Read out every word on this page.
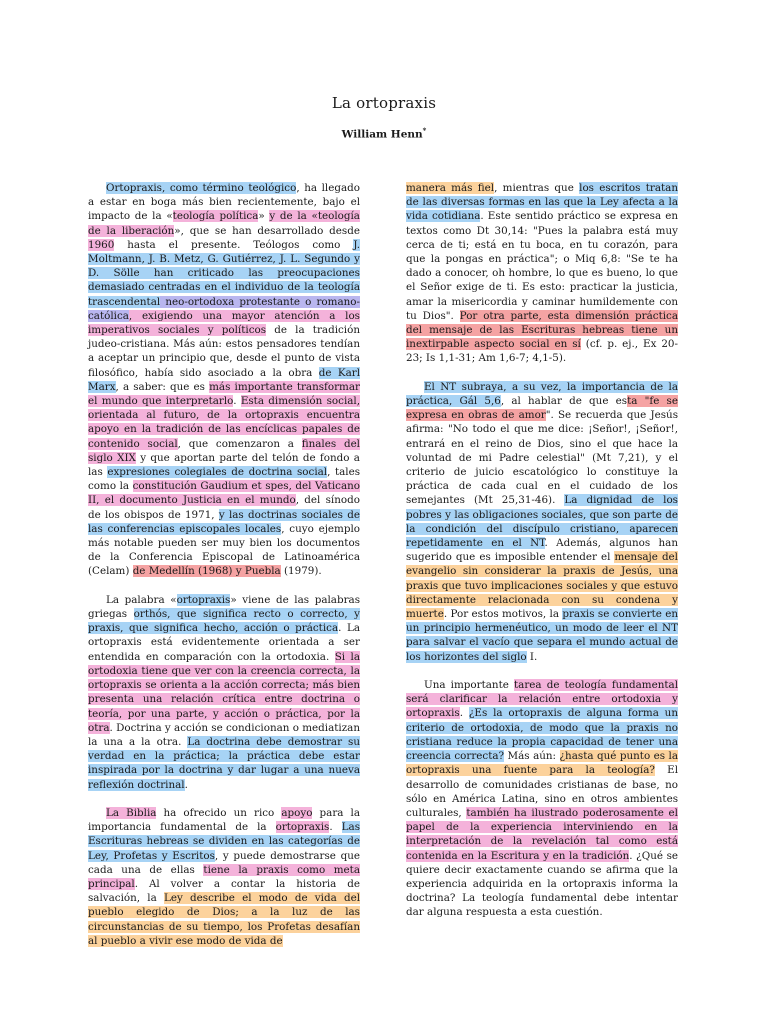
La ortopraxis
William Henn*

Ortopraxis, como término teológico, ha llegado a estar en boga más bien recientemente, bajo el impacto de la «teología política» y de la «teología de la liberación», que se han desarrollado desde 1960 hasta el presente. Teólogos como J. Moltmann, J. B. Metz, G. Gutiérrez, J. L. Segundo y D. Sölle han criticado las preocupaciones demasiado centradas en el individuo de la teología trascendental neo-ortodoxa protestante o romano-católica, exigiendo una mayor atención a los imperativos sociales y políticos de la tradición judeo-cristiana. Más aún: estos pensadores tendían a aceptar un principio que, desde el punto de vista filosófico, había sido asociado a la obra de Karl Marx, a saber: que es más importante transformar el mundo que interpretarlo. Esta dimensión social, orientada al futuro, de la ortopraxis encuentra apoyo en la tradición de las encíclicas papales de contenido social, que comenzaron a finales del siglo XIX y que aportan parte del telón de fondo a las expresiones colegiales de doctrina social, tales como la constitución Gaudium et spes, del Vaticano II, el documento Justicia en el mundo, del sínodo de los obispos de 1971, y las doctrinas sociales de las conferencias episcopales locales, cuyo ejemplo más notable pueden ser muy bien los documentos de la Conferencia Episcopal de Latinoamérica (Celam) de Medellín (1968) y Puebla (1979).

La palabra «ortopraxis» viene de las palabras griegas orthós, que significa recto o correcto, y praxis, que significa hecho, acción o práctica. La ortopraxis está evidentemente orientada a ser entendida en comparación con la ortodoxia. Si la ortodoxia tiene que ver con la creencia correcta, la ortopraxis se orienta a la acción correcta; más bien presenta una relación crítica entre doctrina o teoría, por una parte, y acción o práctica, por la otra. Doctrina y acción se condicionan o mediatizan la una a la otra. La doctrina debe demostrar su verdad en la práctica; la práctica debe estar inspirada por la doctrina y dar lugar a una nueva reflexión doctrinal.

La Biblia ha ofrecido un rico apoyo para la importancia fundamental de la ortopraxis. Las Escrituras hebreas se dividen en las categorías de Ley, Profetas y Escritos, y puede demostrarse que cada una de ellas tiene la praxis como meta principal. Al volver a contar la historia de salvación, la Ley describe el modo de vida del pueblo elegido de Dios; a la luz de las circunstancias de su tiempo, los Profetas desafían al pueblo a vivir ese modo de vida de

manera más fiel, mientras que los escritos tratan de las diversas formas en las que la Ley afecta a la vida cotidiana. Este sentido práctico se expresa en textos como Dt 30,14: "Pues la palabra está muy cerca de ti; está en tu boca, en tu corazón, para que la pongas en práctica"; o Miq 6,8: "Se te ha dado a conocer, oh hombre, lo que es bueno, lo que el Señor exige de ti. Es esto: practicar la justicia, amar la misericordia y caminar humildemente con tu Dios". Por otra parte, esta dimensión práctica del mensaje de las Escrituras hebreas tiene un inextirpable aspecto social en sí (cf. p. ej., Ex 20-23; Is 1,1-31; Am 1,6-7; 4,1-5).

El NT subraya, a su vez, la importancia de la práctica, Gál 5,6, al hablar de que esta "fe se expresa en obras de amor". Se recuerda que Jesús afirma: "No todo el que me dice: ¡Señor!, ¡Señor!, entrará en el reino de Dios, sino el que hace la voluntad de mi Padre celestial" (Mt 7,21), y el criterio de juicio escatológico lo constituye la práctica de cada cual en el cuidado de los semejantes (Mt 25,31-46). La dignidad de los pobres y las obligaciones sociales, que son parte de la condición del discípulo cristiano, aparecen repetidamente en el NT. Además, algunos han sugerido que es imposible entender el mensaje del evangelio sin considerar la praxis de Jesús, una praxis que tuvo implicaciones sociales y que estuvo directamente relacionada con su condena y muerte. Por estos motivos, la praxis se convierte en un principio hermenéutico, un modo de leer el NT para salvar el vacío que separa el mundo actual de los horizontes del siglo I.

Una importante tarea de teología fundamental será clarificar la relación entre ortodoxia y ortopraxis. ¿Es la ortopraxis de alguna forma un criterio de ortodoxia, de modo que la praxis no cristiana reduce la propia capacidad de tener una creencia correcta? Más aún: ¿hasta qué punto es la ortopraxis una fuente para la teología? El desarrollo de comunidades cristianas de base, no sólo en América Latina, sino en otros ambientes culturales, también ha ilustrado poderosamente el papel de la experiencia interviniendo en la interpretación de la revelación tal como está contenida en la Escritura y en la tradición. ¿Qué se quiere decir exactamente cuando se afirma que la experiencia adquirida en la ortopraxis informa la doctrina? La teología fundamental debe intentar dar alguna respuesta a esta cuestión.
